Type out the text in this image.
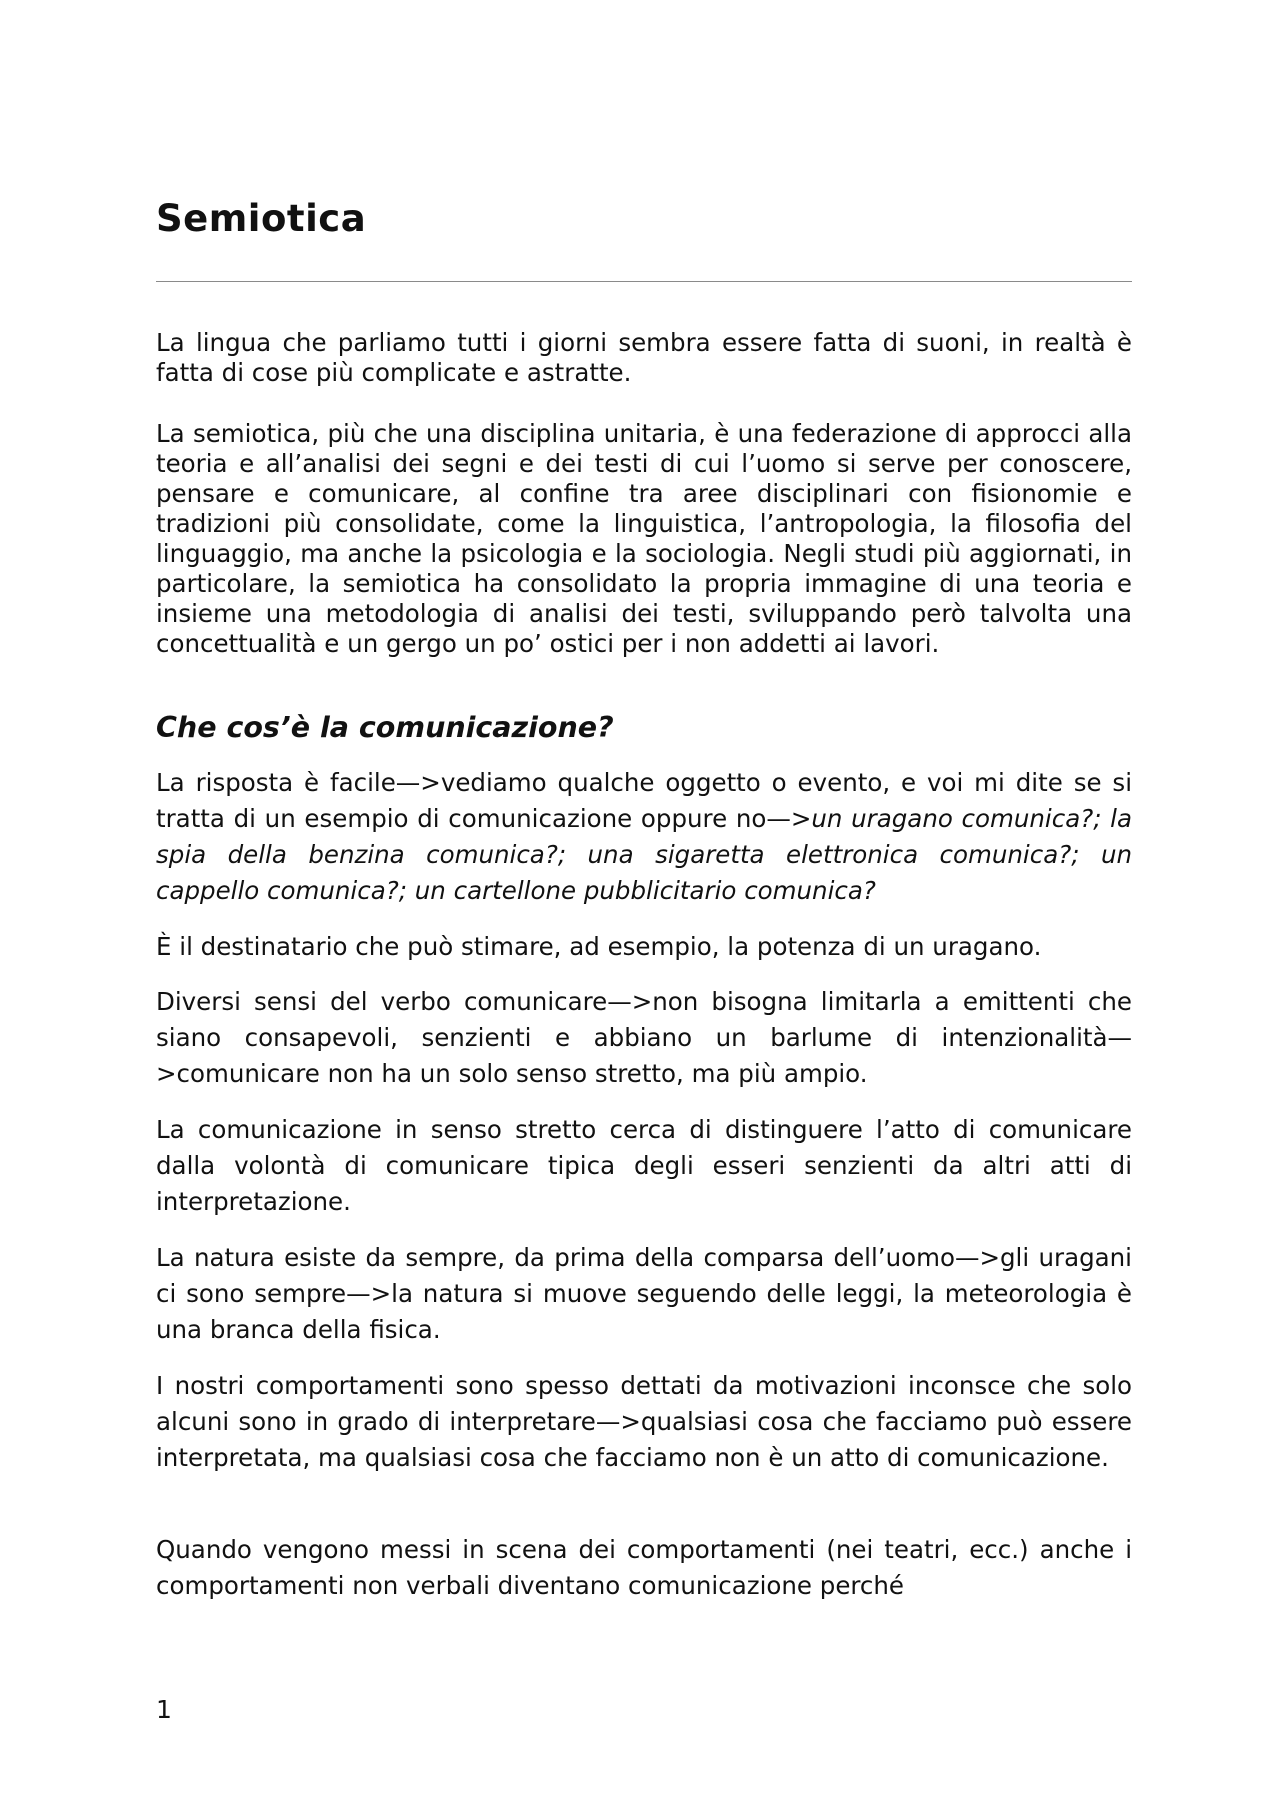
Semiotica

La lingua che parliamo tutti i giorni sembra essere fatta di suoni, in realtà è fatta di cose più complicate e astratte.

La semiotica, più che una disciplina unitaria, è una federazione di approcci alla teoria e all’analisi dei segni e dei testi di cui l’uomo si serve per conoscere, pensare e comunicare, al confine tra aree disciplinari con fisionomie e tradizioni più consolidate, come la linguistica, l’antropologia, la filosofia del linguaggio, ma anche la psicologia e la sociologia. Negli studi più aggiornati, in particolare, la semiotica ha consolidato la propria immagine di una teoria e insieme una metodologia di analisi dei testi, sviluppando però talvolta una concettualità e un gergo un po’ ostici per i non addetti ai lavori.

Che cos’è la comunicazione?

La risposta è facile—>vediamo qualche oggetto o evento, e voi mi dite se si tratta di un esempio di comunicazione oppure no—>un uragano comunica?; la spia della benzina comunica?; una sigaretta elettronica comunica?; un cappello comunica?; un cartellone pubblicitario comunica?

È il destinatario che può stimare, ad esempio, la potenza di un uragano.

Diversi sensi del verbo comunicare—>non bisogna limitarla a emittenti che siano consapevoli, senzienti e abbiano un barlume di intenzionalità—>comunicare non ha un solo senso stretto, ma più ampio.

La comunicazione in senso stretto cerca di distinguere l’atto di comunicare dalla volontà di comunicare tipica degli esseri senzienti da altri atti di interpretazione.

La natura esiste da sempre, da prima della comparsa dell’uomo—>gli uragani ci sono sempre—>la natura si muove seguendo delle leggi, la meteorologia è una branca della fisica.

I nostri comportamenti sono spesso dettati da motivazioni inconsce che solo alcuni sono in grado di interpretare—>qualsiasi cosa che facciamo può essere interpretata, ma qualsiasi cosa che facciamo non è un atto di comunicazione.

Quando vengono messi in scena dei comportamenti (nei teatri, ecc.) anche i comportamenti non verbali diventano comunicazione perché

1
